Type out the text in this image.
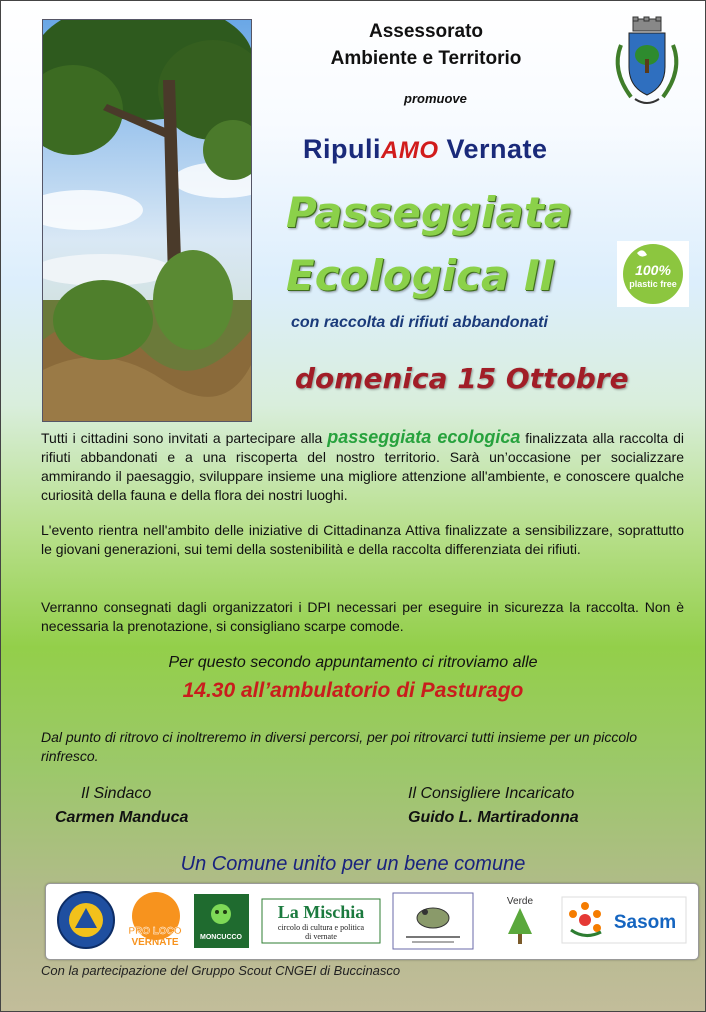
Assessorato
Ambiente e Territorio
promuove
RipuliAMO Vernate
Passeggiata
Ecologica II	100%
plastic free
con raccolta di rifiuti abbandonati
domenica 15 Ottobre
Tutti i cittadini sono invitati a partecipare alla passeggiata ecologica finalizzata alla raccolta di rifiuti abbandonati e a una riscoperta del nostro territorio. Sarà un’occasione per socializzare ammirando il paesaggio, sviluppare insieme una migliore attenzione all'ambiente, e conoscere qualche curiosità della fauna e della flora dei nostri luoghi.
L'evento rientra nell'ambito delle iniziative di Cittadinanza Attiva finalizzate a sensibilizzare, soprattutto le giovani generazioni, sui temi della sostenibilità e della raccolta differenziata dei rifiuti.
Verranno consegnati dagli organizzatori i DPI necessari per eseguire in sicurezza la raccolta. Non è necessaria la prenotazione, si consigliano scarpe comode.
Per questo secondo appuntamento ci ritroviamo alle
14.30 all’ambulatorio di Pasturago
Dal punto di ritrovo ci inoltreremo in diversi percorsi, per poi ritrovarci tutti insieme per un piccolo rinfresco.
Il Sindaco
Carmen Manduca
Il Consigliere Incaricato
Guido L. Martiradonna
Un Comune unito per un bene comune
PRO LOCO
VERNATE	MONCUCCO
La Mischia
circolo di cultura e politica
di vernate
Verde
Sasom
Con la partecipazione del Gruppo Scout CNGEI di Buccinasco
